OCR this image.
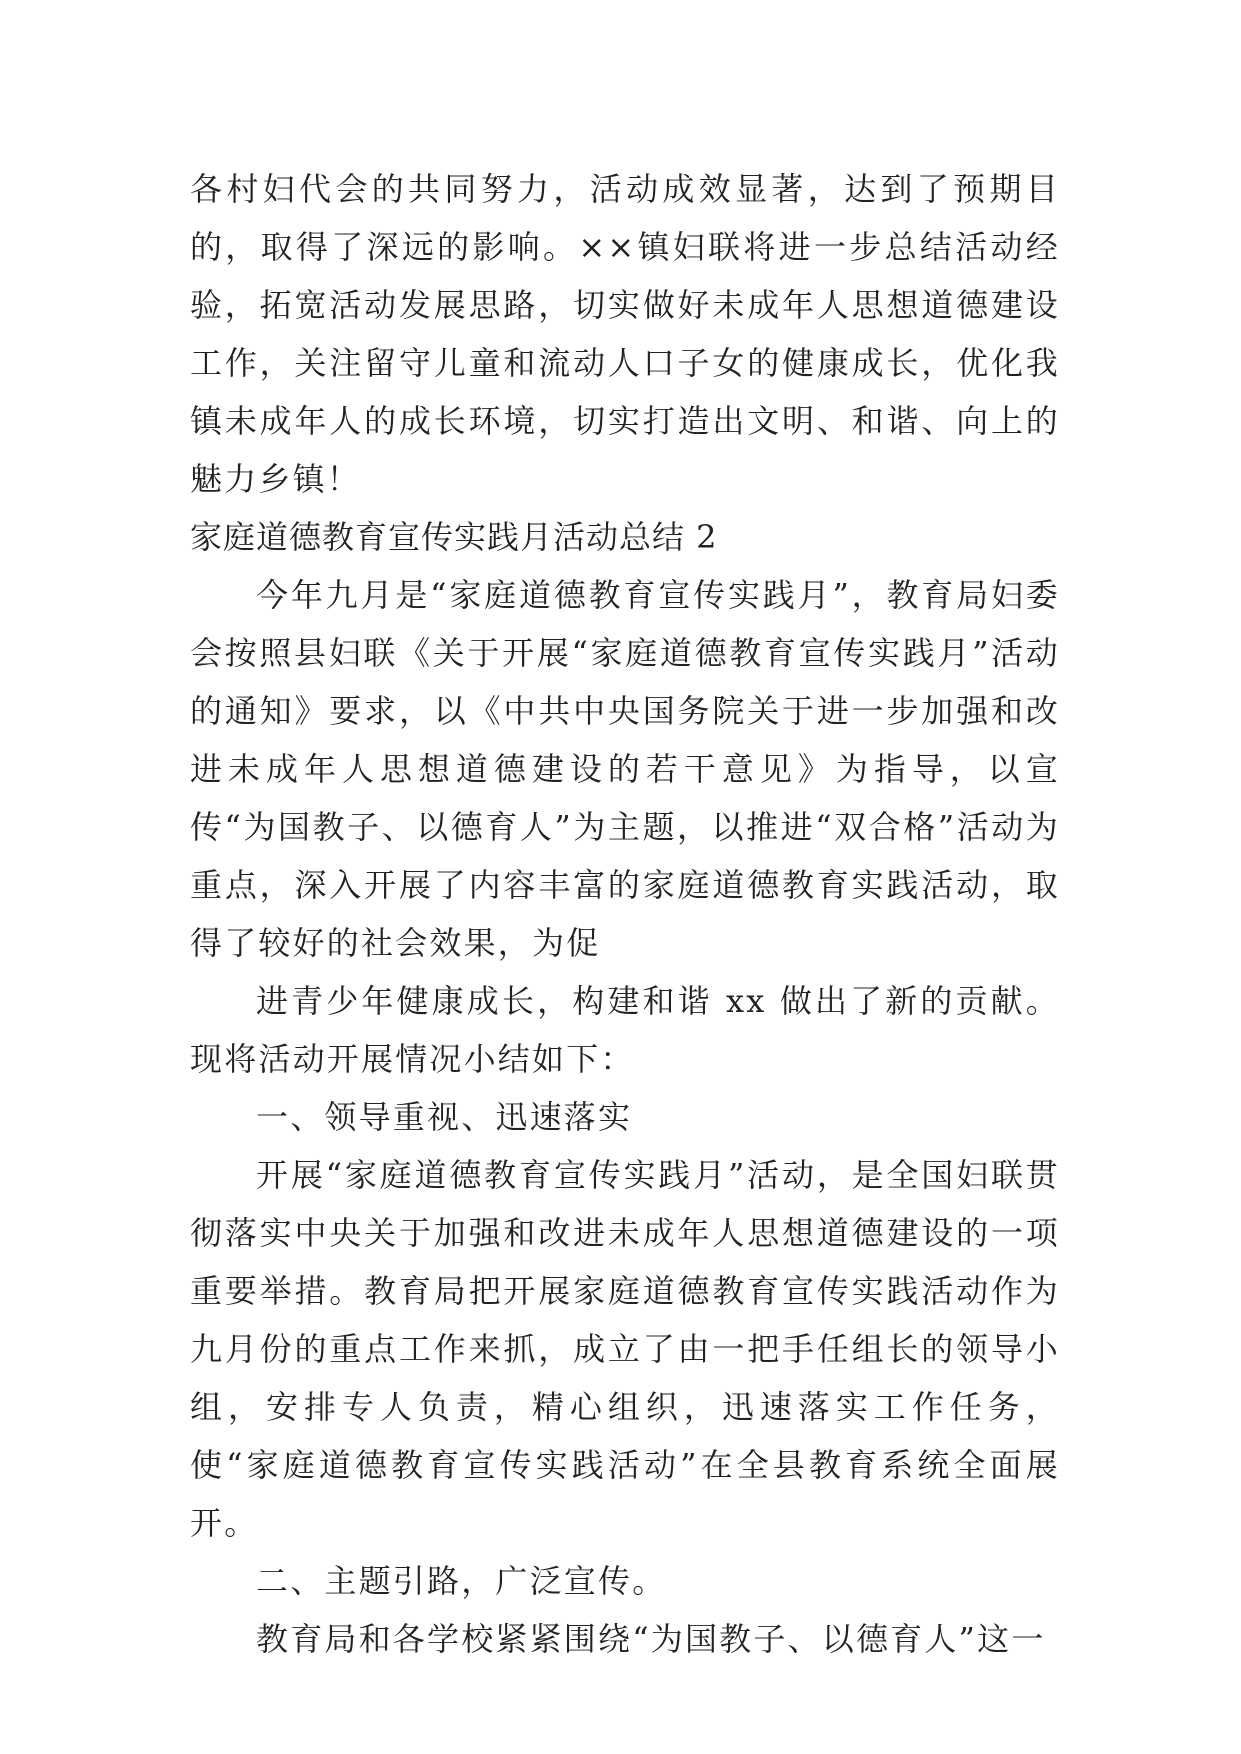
各村妇代会的共同努力，活动成效显著，达到了预期目的，取得了深远的影响。××镇妇联将进一步总结活动经验，拓宽活动发展思路，切实做好未成年人思想道德建设工作，关注留守儿童和流动人口子女的健康成长，优化我镇未成年人的成长环境，切实打造出文明、和谐、向上的魅力乡镇！

家庭道德教育宣传实践月活动总结 2

今年九月是“家庭道德教育宣传实践月”，教育局妇委会按照县妇联《关于开展“家庭道德教育宣传实践月”活动的通知》要求，以《中共中央国务院关于进一步加强和改进未成年人思想道德建设的若干意见》为指导，以宣传“为国教子、以德育人”为主题，以推进“双合格”活动为重点，深入开展了内容丰富的家庭道德教育实践活动，取得了较好的社会效果，为促

进青少年健康成长，构建和谐 xx 做出了新的贡献。现将活动开展情况小结如下：

一、领导重视、迅速落实

开展“家庭道德教育宣传实践月”活动，是全国妇联贯彻落实中央关于加强和改进未成年人思想道德建设的一项重要举措。教育局把开展家庭道德教育宣传实践活动作为九月份的重点工作来抓，成立了由一把手任组长的领导小组，安排专人负责，精心组织，迅速落实工作任务，使“家庭道德教育宣传实践活动”在全县教育系统全面展开。

二、主题引路，广泛宣传。

教育局和各学校紧紧围绕“为国教子、以德育人”这一
